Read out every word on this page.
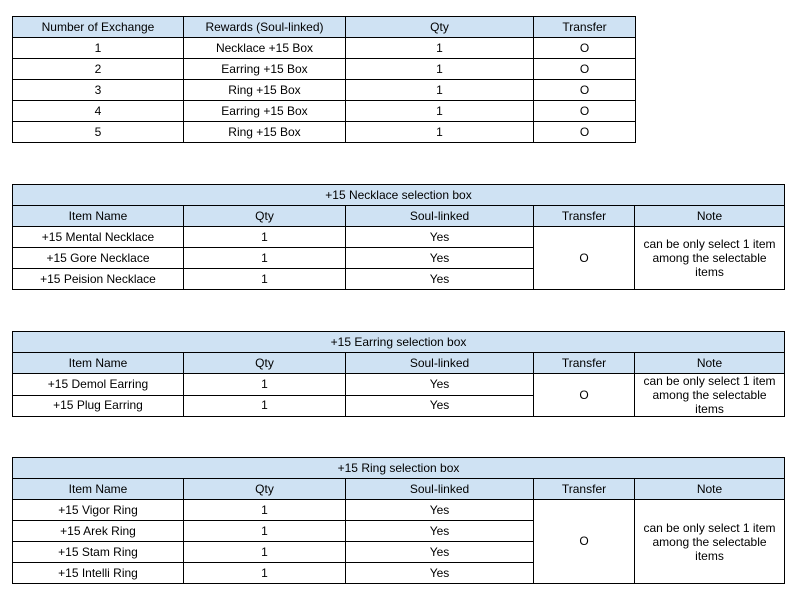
Number of Exchange	Rewards (Soul-linked)	Qty	Transfer
1	Necklace +15 Box	1	O
2	Earring +15 Box	1	O
3	Ring +15 Box	1	O
4	Earring +15 Box	1	O
5	Ring +15 Box	1	O
+15 Necklace selection box				
Item Name	Qty	Soul-linked	Transfer	Note
+15 Mental Necklace	1	Yes	O	can be only select 1 item among the selectable items
+15 Gore Necklace	1	Yes		
+15 Peision Necklace	1	Yes		
+15 Earring selection box				
Item Name	Qty	Soul-linked	Transfer	Note
+15 Demol Earring	1	Yes	O	can be only select 1 item among the selectable items
+15 Plug Earring	1	Yes		
+15 Ring selection box				
Item Name	Qty	Soul-linked	Transfer	Note
+15 Vigor Ring	1	Yes	O	can be only select 1 item among the selectable items
+15 Arek Ring	1	Yes		
+15 Stam Ring	1	Yes		
+15 Intelli Ring	1	Yes		
